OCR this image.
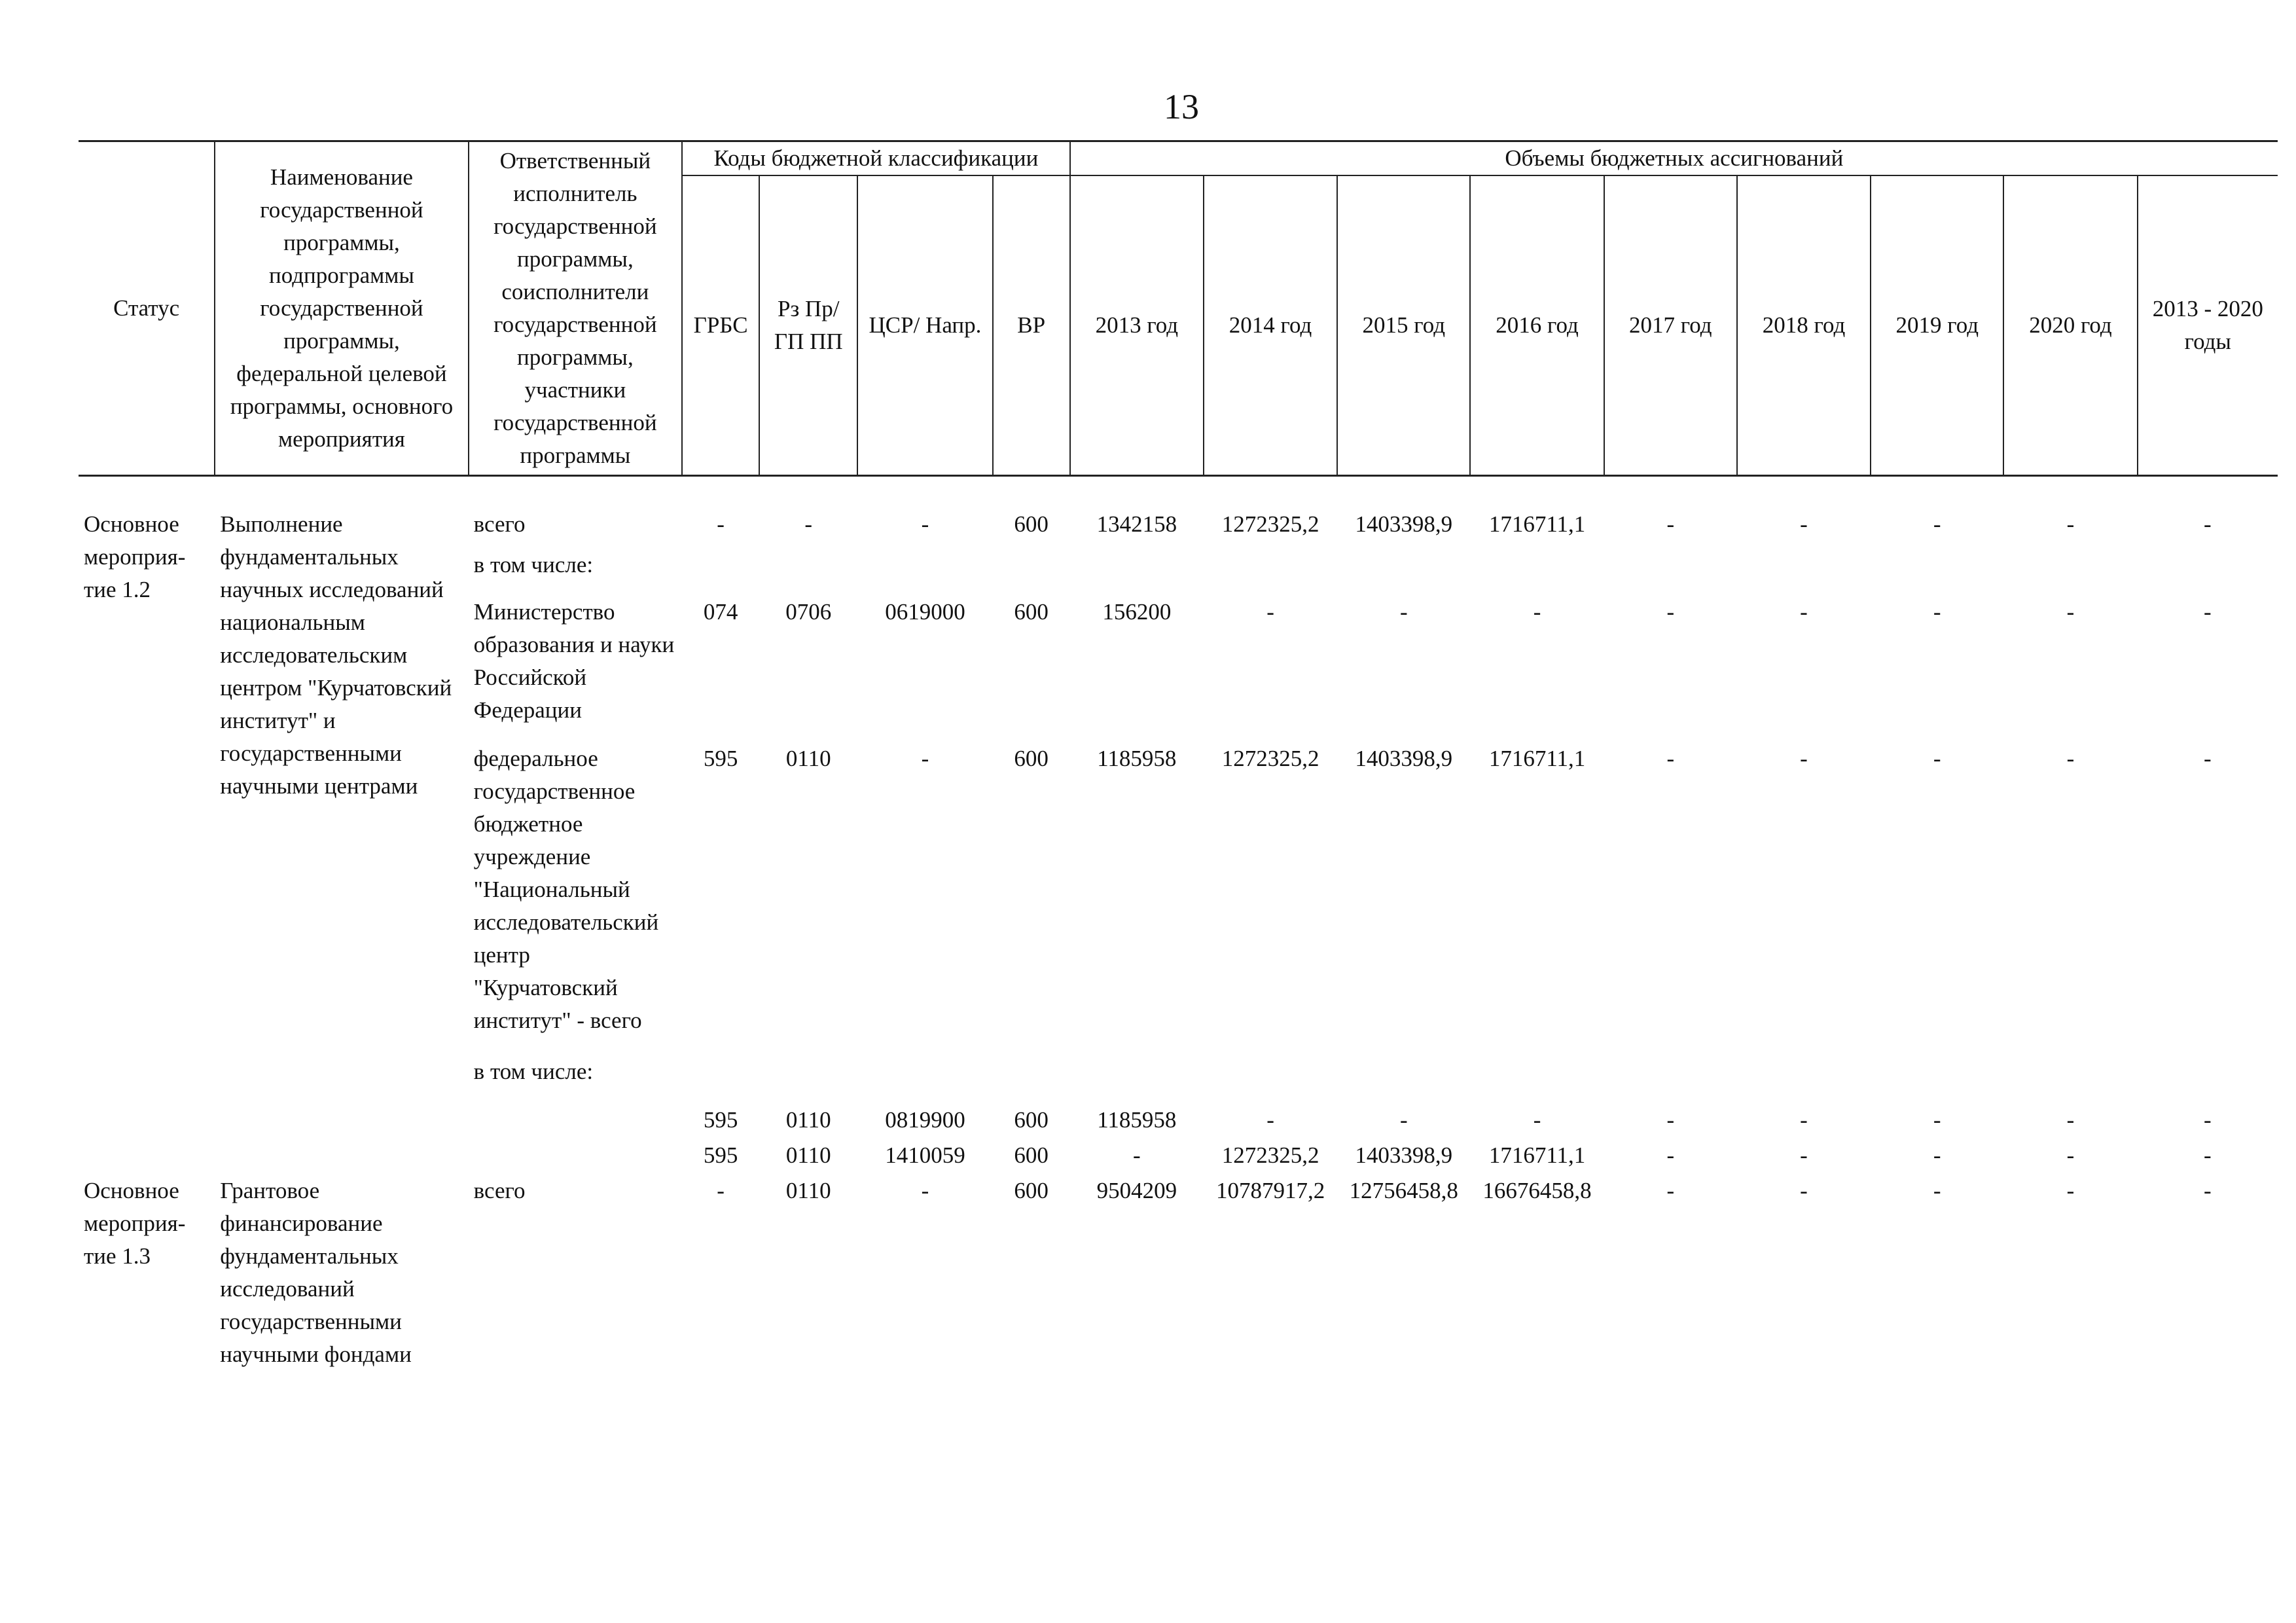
13
Статус	Наименование государственной программы, подпрограммы государственной программы, федеральной целевой программы, основного мероприятия	Ответственный исполнитель государственной программы, соисполнители государственной программы, участники государственной программы	Коды бюджетной классификации				Объемы бюджетных ассигнований								
			ГРБС	Рз Пр/ ГП ПП	ЦСР/ Напр.	ВР	2013 год	2014 год	2015 год	2016 год	2017 год	2018 год	2019 год	2020 год	2013 - 2020 годы

Основное мероприя- тие 1.2	Выполнение фундаментальных научных исследований национальным исследовательским центром "Курчатовский институт" и государственными научными центрами	всего	-	-	-	600	1342158	1272325,2	1403398,9	1716711,1	-	-	-	-	-
		в том числе:													
		Министерство образования и науки Российской Федерации	074	0706	0619000	600	156200	-	-	-	-	-	-	-	-
		федеральное государственное бюджетное учреждение "Национальный исследовательский центр "Курчатовский институт" - всего	595	0110	-	600	1185958	1272325,2	1403398,9	1716711,1	-	-	-	-	-
		в том числе:													
			595	0110	0819900	600	1185958	-	-	-	-	-	-	-	-
			595	0110	1410059	600	-	1272325,2	1403398,9	1716711,1	-	-	-	-	-
Основное мероприя- тие 1.3	Грантовое финансирование фундаментальных исследований государственными научными фондами	всего	-	0110	-	600	9504209	10787917,2	12756458,8	16676458,8	-	-	-	-	-
